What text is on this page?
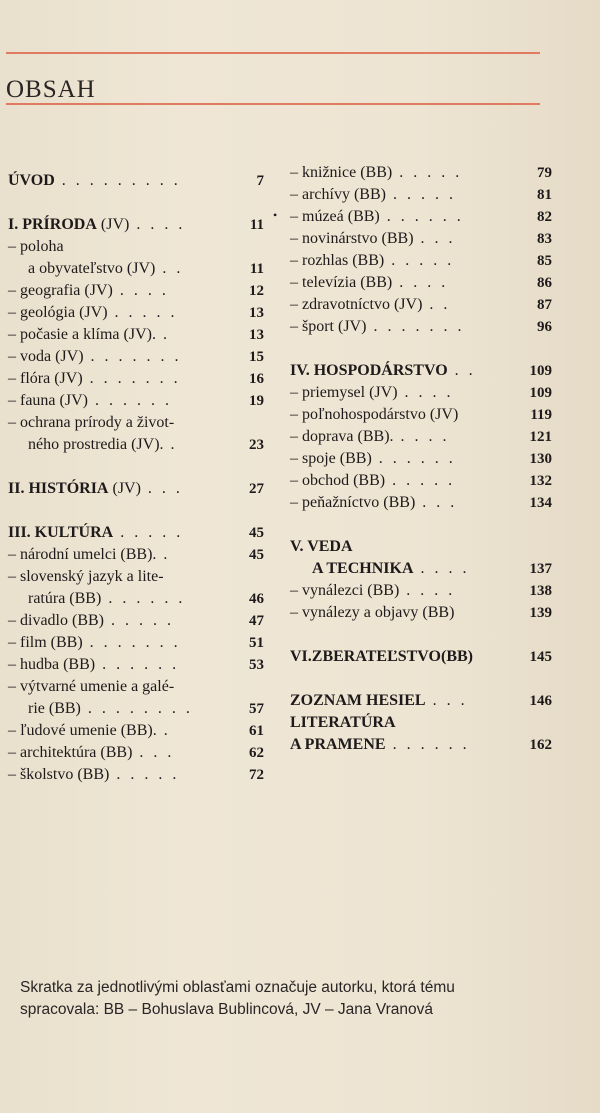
OBSAH
ÚVOD . . . . . . . . .	7
I. PRÍRODA (JV) . . . .	11
– poloha
a obyvateľstvo (JV) . .	11
– geografia (JV) . . . .	12
– geológia (JV) . . . . .	13
– počasie a klíma (JV). .	13
– voda (JV) . . . . . . .	15
– flóra (JV) . . . . . . .	16
– fauna (JV) . . . . . .	19
– ochrana prírody a život-
ného prostredia (JV). .	23
II. HISTÓRIA (JV) . . .	27
III. KULTÚRA . . . . .	45
– národní umelci (BB). .	45
– slovenský jazyk a lite-
ratúra (BB) . . . . . .	46
– divadlo (BB) . . . . .	47
– film (BB) . . . . . . .	51
– hudba (BB) . . . . . .	53
– výtvarné umenie a galé-
rie (BB) . . . . . . . .	57
– ľudové umenie (BB). .	61
– architektúra (BB) . . .	62
– školstvo (BB) . . . . .	72
– knižnice (BB) . . . . .	79
– archívy (BB) . . . . .	81
– múzeá (BB) . . . . . .	82
– novinárstvo (BB) . . .	83
– rozhlas (BB) . . . . .	85
– televízia (BB) . . . .	86
– zdravotníctvo (JV) . .	87
– šport (JV) . . . . . . .	96
IV. HOSPODÁRSTVO . .	109
– priemysel (JV) . . . .	109
– poľnohospodárstvo (JV)	119
– doprava (BB). . . . .	121
– spoje (BB) . . . . . .	130
– obchod (BB) . . . . .	132
– peňažníctvo (BB) . . .	134
V. VEDA
A TECHNIKA . . . .	137
– vynálezci (BB) . . . .	138
– vynálezy a objavy (BB)	139
VI.ZBERATEĽSTVO(BB)	145
ZOZNAM HESIEL . . .	146
LITERATÚRA
A PRAMENE . . . . . .	162
•
Skratka za jednotlivými oblasťami označuje autorku, ktorá tému
spracovala: BB – Bohuslava Bublincová, JV – Jana Vranová
